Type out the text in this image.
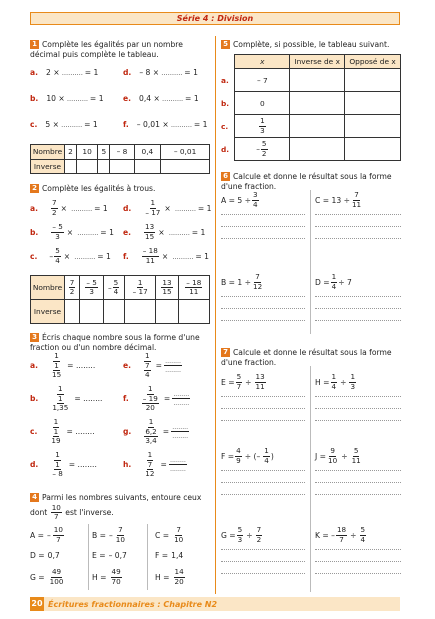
Série 4 : Division
1 Complète les égalités par un nombre décimal puis complète le tableau.
a. 2 × .......... = 1	d. – 8 × .......... = 1
b. 10 × .......... = 1	e. 0,4 × .......... = 1
c. 5 × .......... = 1	f. – 0,01 × .......... = 1
Nombre	2	10	5	– 8	0,4	– 0,01
Inverse						
2 Complète les égalités à trous.
a. $\frac{7}{2}$ × .......... = 1 d. $\frac{1}{- 17}$ × .......... = 1
b. $\frac{- 5}{3}$ × .......... = 1 e. $\frac{13}{15}$ × .......... = 1
c. – $\frac{5}{4}$ × .......... = 1 f. $\frac{- 18}{11}$ × .......... = 1
Nombre	$\frac{7}{2}$	$\frac{- 5}{3}$	– $\frac{5}{4}$	$\frac{1}{- 17}$	$\frac{13}{15}$	$\frac{- 18}{11}$

Inverse						
3 Écris chaque nombre sous la forme d'une fraction ou d'un nombre décimal.
a. $\frac{1}{\frac{1}{15}}$ = ........	e. $\frac{1}{\frac{7}{4}}$ =
........
........
b. $\frac{1}{\frac{1}{1,35}}$ = ........	f. $\frac{1}{\frac{- 19}{20}}$ =
........
........
c. $\frac{1}{\frac{1}{19}}$ = ........	g. $\frac{1}{\frac{6,2}{3,4}}$ =
........
........
d. $\frac{1}{\frac{1}{- 8}}$ = ........	h. $\frac{1}{\frac{7}{12}}$ =
........
........
4 Parmi les nombres suivants, entoure ceux
dont $\frac{10}{7}$ est l'inverse.
A = – $\frac{10}{7}$	B = – $\frac{7}{10}$	$C = \frac{7}{10}$
D = 0,7	E = – 0,7	F = 1,4
$G = \frac{49}{100}$	$H = \frac{49}{70}$	$H = \frac{14}{20}$
5 Complète, si possible, le tableau suivant.
	x	Inverse de x	Opposé de x
a.	– 7		
b.	0		
c.	$\frac{1}{3}$

d.	– $\frac{5}{2}$

6 Calcule et donne le résultat sous la forme d'une fraction.
$A = 5 \div \frac{3}{4}$	$C = 13 \div \frac{7}{11}$
$B = 1 \div \frac{7}{12}$	$D = \frac{1}{4} \div 7$
7 Calcule et donne le résultat sous la forme d'une fraction.
$E = \frac{5}{7} \div \frac{13}{11}$	$H = \frac{1}{4} \div \frac{1}{3}$
$F = \frac{4}{9}$ ÷ (– $\frac{1}{4}$ )	$J = \frac{9}{10} \div \frac{5}{11}$
$G = \frac{5}{3} \div \frac{7}{2}$	K = – $\frac{18}{7} \div \frac{5}{4}$
20 Écritures fractionnaires : Chapitre N2
